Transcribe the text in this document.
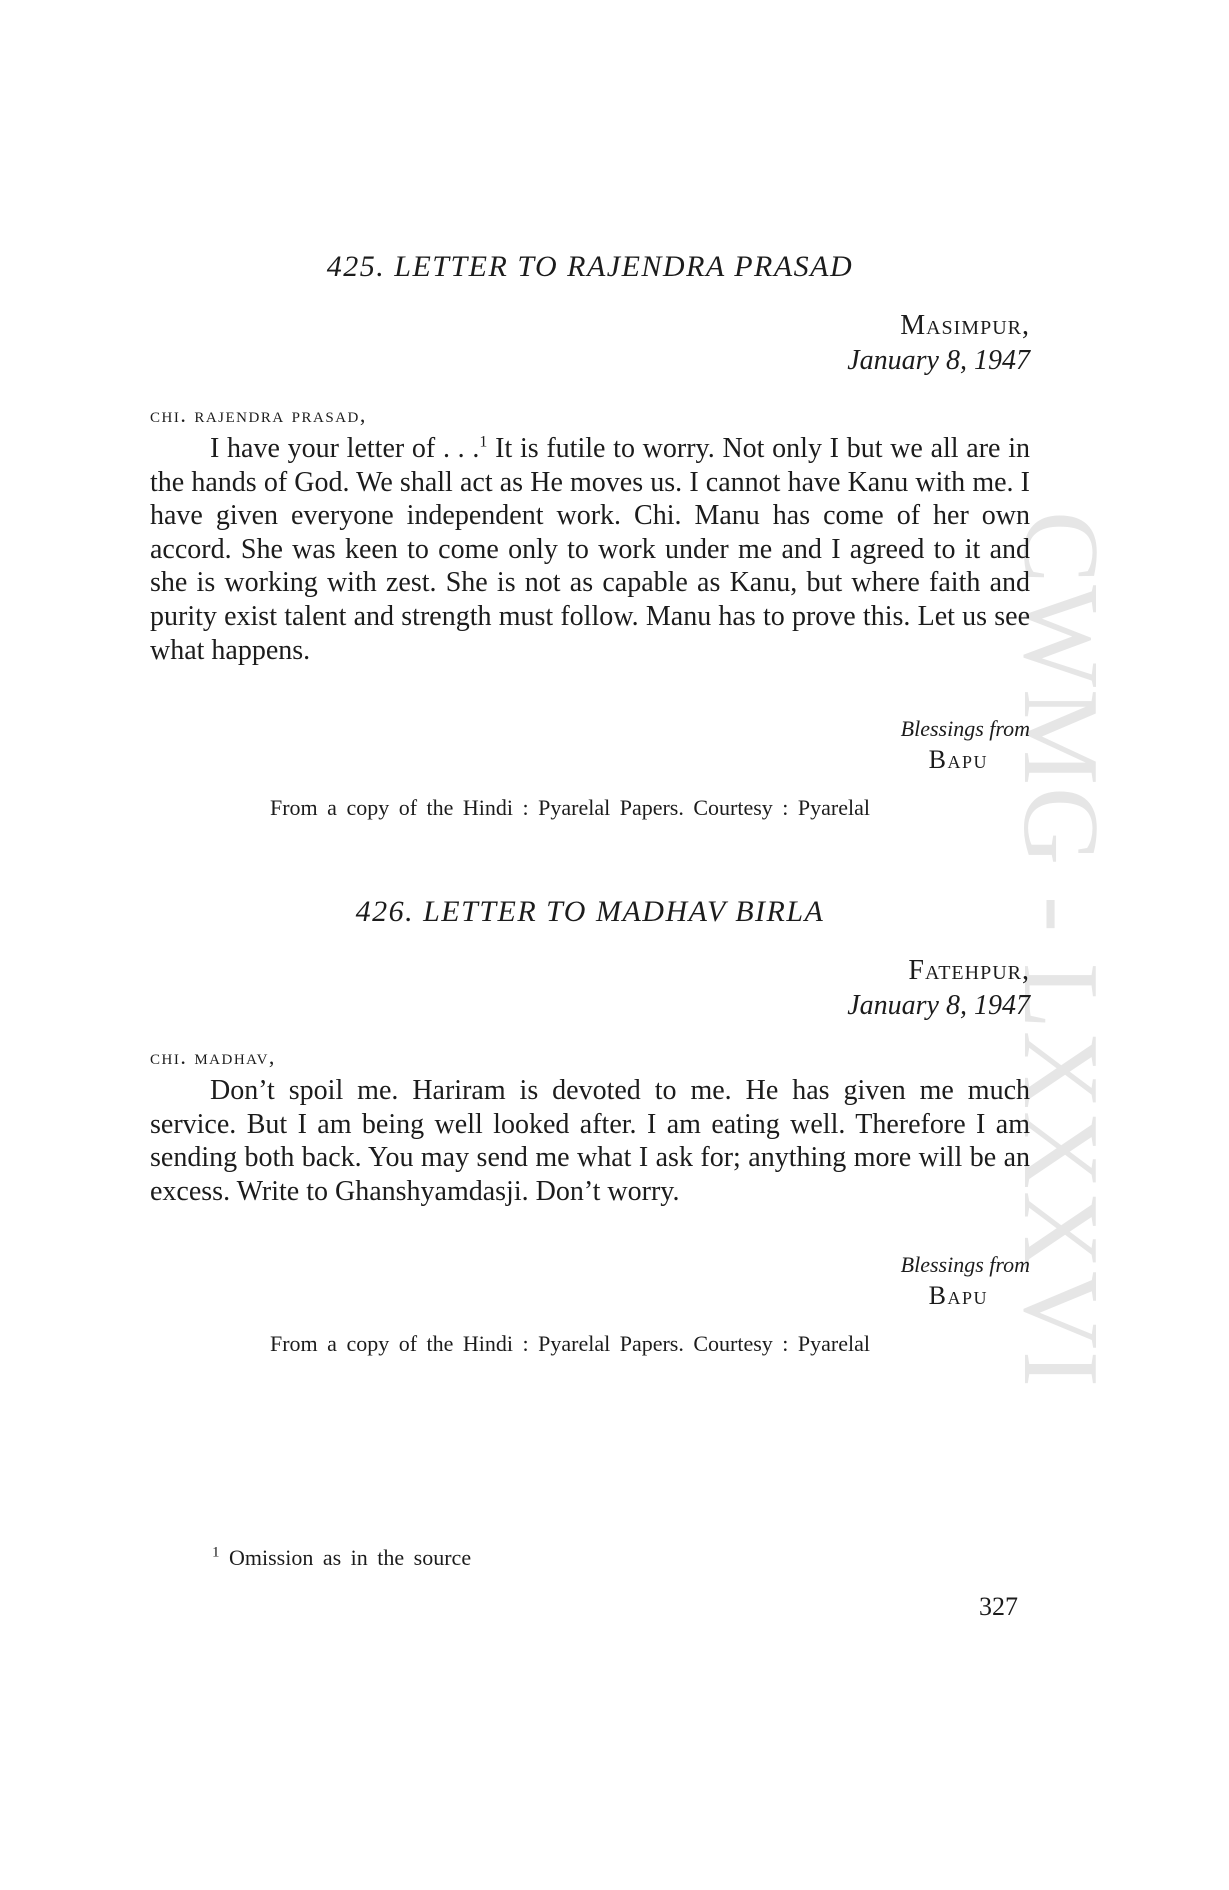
CWMG - LXXXVI
425. LETTER TO RAJENDRA PRASAD
Masimpur,
January 8, 1947
chi. rajendra prasad,

I have your letter of . . .$^1$ It is futile to worry. Not only I but we all are in the hands of God. We shall act as He moves us. I cannot have Kanu with me. I have given everyone independent work. Chi. Manu has come of her own accord. She was keen to come only to work under me and I agreed to it and she is working with zest. She is not as capable as Kanu, but where faith and purity exist talent and strength must follow. Manu has to prove this. Let us see what happens.

Blessings from
Bapu
From a copy of the Hindi : Pyarelal Papers. Courtesy : Pyarelal
426. LETTER TO MADHAV BIRLA
Fatehpur,
January 8, 1947
chi. madhav,

Don’t spoil me. Hariram is devoted to me. He has given me much service. But I am being well looked after. I am eating well. Therefore I am sending both back. You may send me what I ask for; anything more will be an excess. Write to Ghanshyamdasji. Don’t worry.

Blessings from
Bapu
From a copy of the Hindi : Pyarelal Papers. Courtesy : Pyarelal
$^1$ Omission as in the source
327
